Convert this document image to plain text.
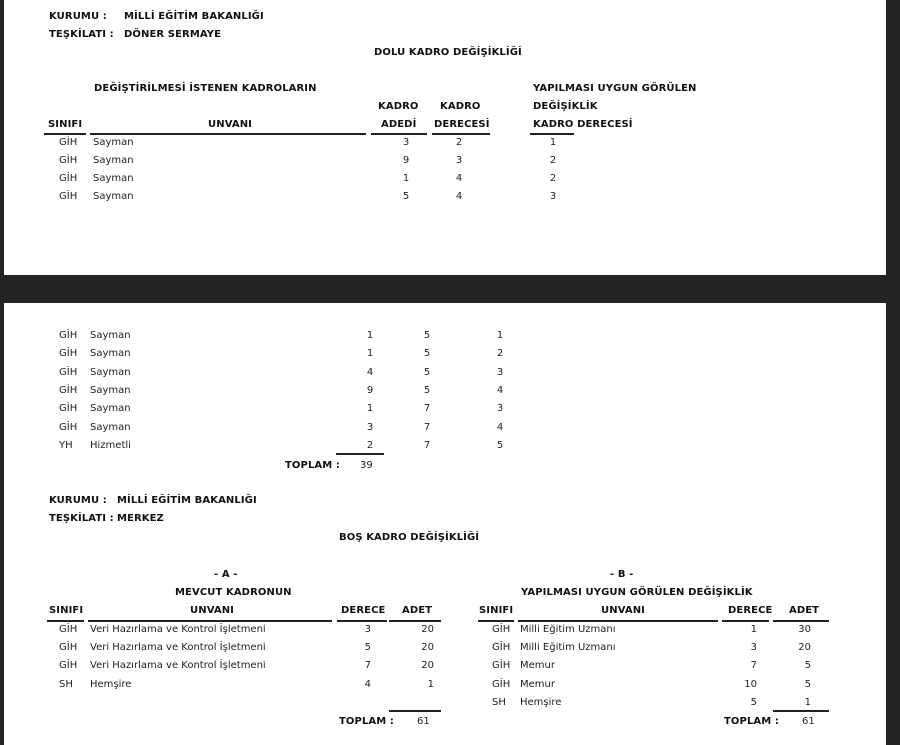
KURUMU : MİLLİ EĞİTİM BAKANLIĞI
TEŞKİLATI : DÖNER SERMAYE
DOLU KADRO DEĞİŞİKLİĞİ
DEĞİŞTİRİLMESİ İSTENEN KADROLARIN	YAPILMASI UYGUN GÖRÜLEN
DEĞİŞİKLİK
KADRO KADRO
SINIFI	UNVANI	ADEDİ DERECESİ	KADRO DERECESİ
GİH Sayman	3	2	1
GİH Sayman	9	3	2
GİH Sayman	1	4	2
GİH Sayman	5	4	3
GİH Sayman	1	5	1
GİH Sayman	1	5	2
GİH Sayman	4	5	3
GİH Sayman	9	5	4
GİH Sayman	1	7	3
GİH Sayman	3	7	4
YH Hizmetli	2	7	5
TOPLAM : 39
KURUMU : MİLLİ EĞİTİM BAKANLIĞI
TEŞKİLATI : MERKEZ
BOŞ KADRO DEĞİŞİKLİĞİ
- A -
MEVCUT KADRONUN
SINIFI	UNVANI	DERECE ADET
GİH Veri Hazırlama ve Kontrol İşletmeni	3	20
GİH Veri Hazırlama ve Kontrol İşletmeni	5	20
GİH Veri Hazırlama ve Kontrol İşletmeni	7	20
SH Hemşire	4	1
TOPLAM : 61
- B -
YAPILMASI UYGUN GÖRÜLEN DEĞİŞİKLİK
SINIFI	UNVANI	DERECE ADET
GİH Milli Eğitim Uzmanı	1	30
GİH Milli Eğitim Uzmanı	3	20
GİH Memur	7	5
GİH Memur	10	5
SH Hemşire	5	1
TOPLAM : 61
